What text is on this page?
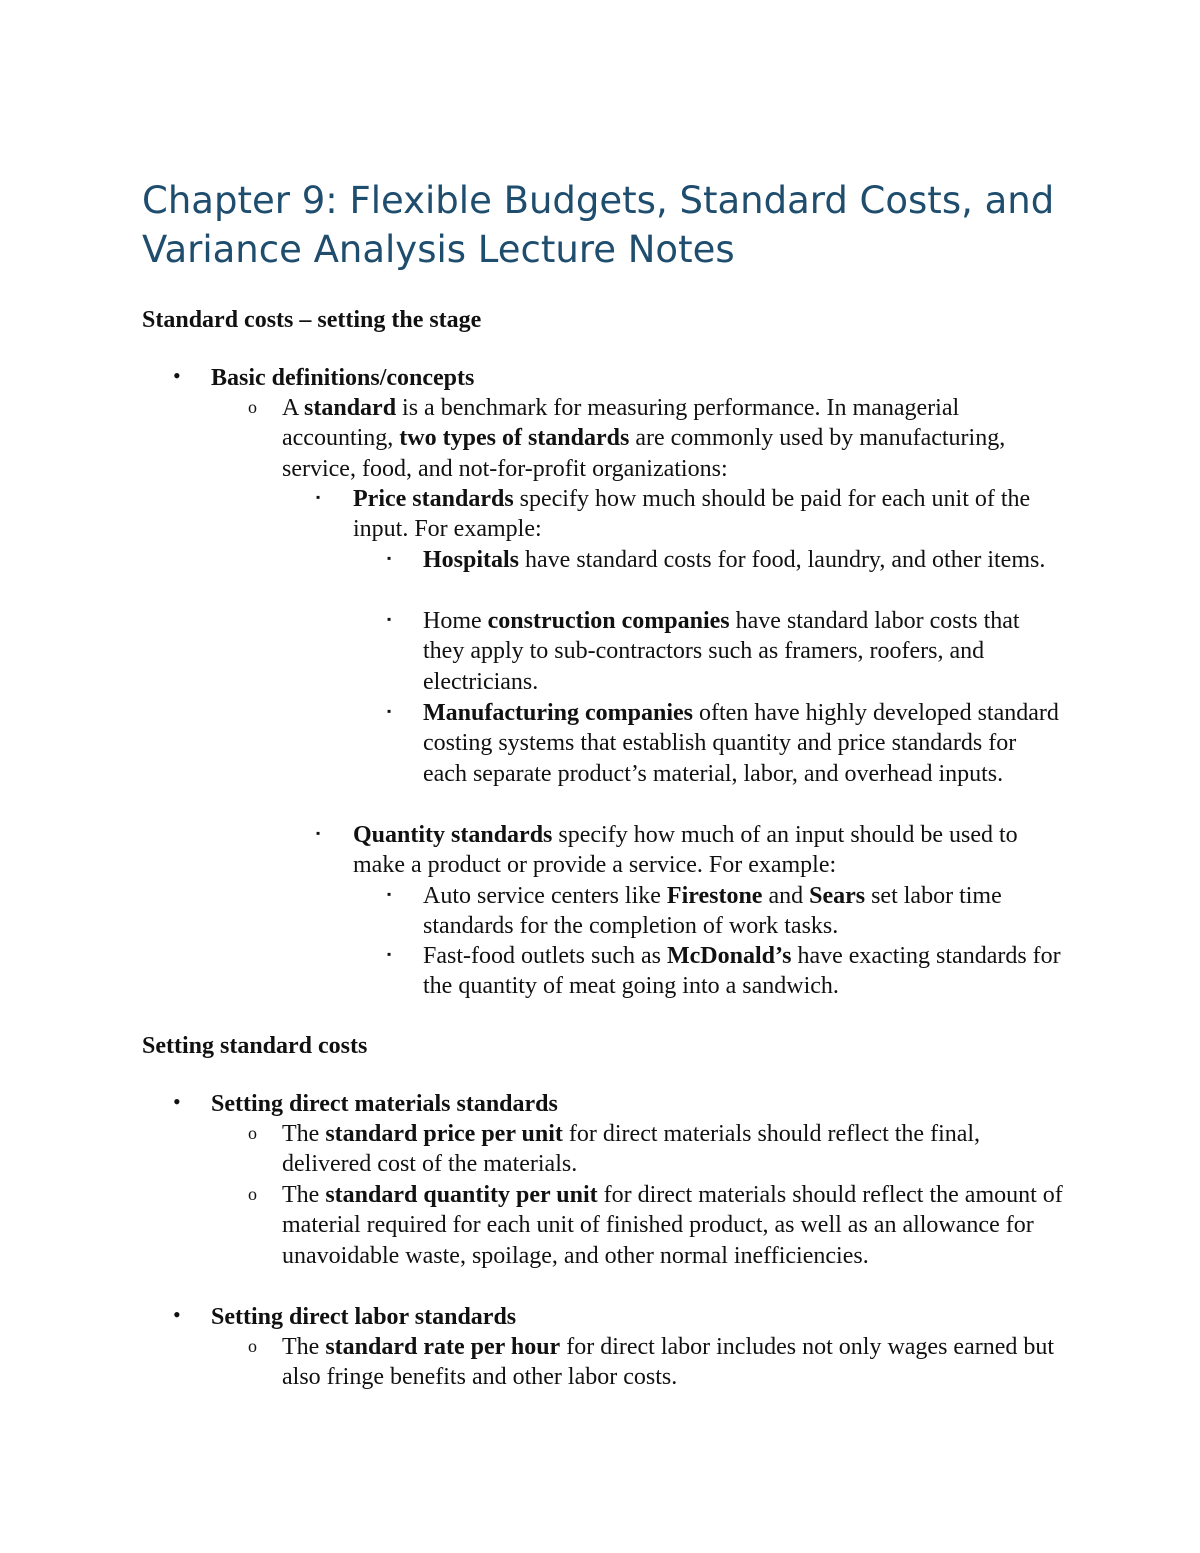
Chapter 9: Flexible Budgets, Standard Costs, and Variance Analysis Lecture Notes
Standard costs – setting the stage
• Basic definitions/concepts
o A standard is a benchmark for measuring performance. In managerial accounting, two types of standards are commonly used by manufacturing, service, food, and not-for-profit organizations:
▪ Price standards specify how much should be paid for each unit of the input. For example:
▪ Hospitals have standard costs for food, laundry, and other items.
▪ Home construction companies have standard labor costs that they apply to sub-contractors such as framers, roofers, and electricians.
▪ Manufacturing companies often have highly developed standard costing systems that establish quantity and price standards for each separate product’s material, labor, and overhead inputs.
▪ Quantity standards specify how much of an input should be used to make a product or provide a service. For example:
▪ Auto service centers like Firestone and Sears set labor time standards for the completion of work tasks.
▪ Fast-food outlets such as McDonald’s have exacting standards for the quantity of meat going into a sandwich.
Setting standard costs
• Setting direct materials standards
o The standard price per unit for direct materials should reflect the final, delivered cost of the materials.
o The standard quantity per unit for direct materials should reflect the amount of material required for each unit of finished product, as well as an allowance for unavoidable waste, spoilage, and other normal inefficiencies.
• Setting direct labor standards
o The standard rate per hour for direct labor includes not only wages earned but also fringe benefits and other labor costs.
